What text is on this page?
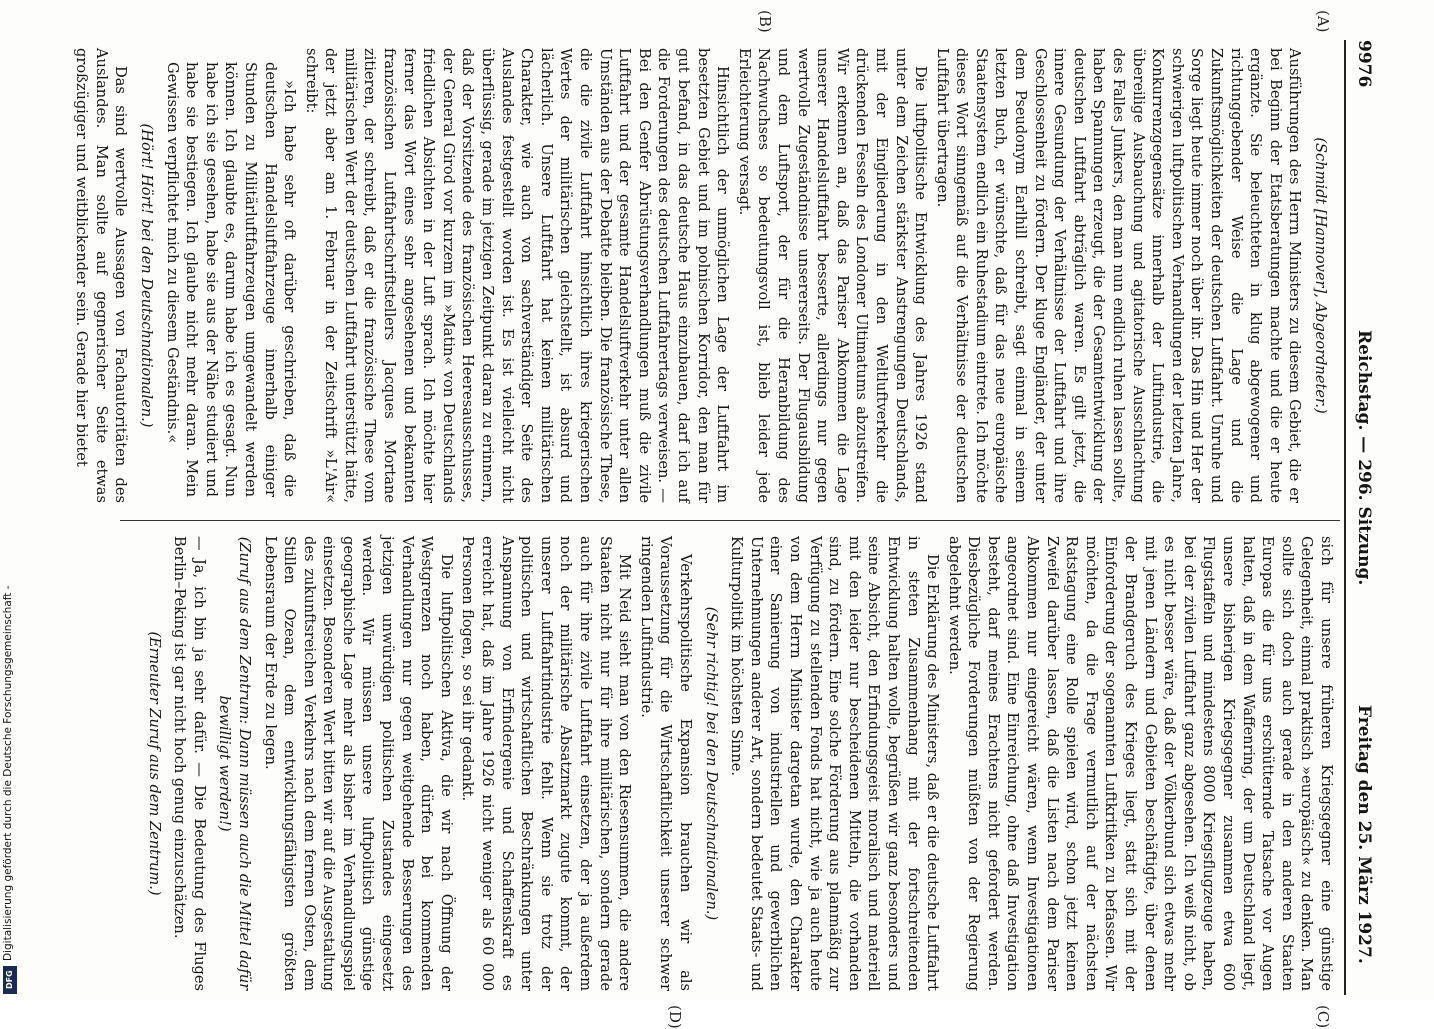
Digitalisierung gefördert durch die Deutsche Forschungsgemeinschaft -
DFG
9976
Reichstag. — 296. Sitzung.
Freitag den 25. März 1927.
(A)
(B)
(C)
(D)

(Schmidt [Hannover], Abgeordneter.)

Ausführungen des Herrn Ministers zu diesem Gebiet, die er bei Beginn der Etatsberatungen machte und die er heute ergänzte. Sie beleuchteten in klug abgewogener und richtunggebender Weise die Lage und die Zukunftsmöglichkeiten der deutschen Luftfahrt. Unruhe und Sorge liegt heute immer noch über ihr. Das Hin und Her der schwierigen luftpolitischen Verhandlungen der letzten Jahre, Konkurrenzgegensätze innerhalb der Luftindustrie, die übereilige Ausbauchung und agitatorische Ausschlachtung des Falles Junkers, den man nun endlich ruhen lassen sollte, haben Spannungen erzeugt, die der Gesamtentwicklung der deutschen Luftfahrt abträglich waren. Es gilt jetzt, die innere Gesundung der Verhältnisse der Luftfahrt und ihre Geschlossenheit zu fördern. Der kluge Engländer, der unter dem Pseudonym Earlhill schreibt, sagt einmal in seinem letzten Buch, er wünschte, daß für das neue europäische Staatensystem endlich ein Ruhestadium eintrete. Ich möchte dieses Wort sinngemäß auf die Verhältnisse der deutschen Luftfahrt übertragen.

Die luftpolitische Entwicklung des Jahres 1926 stand unter dem Zeichen stärkster Anstrengungen Deutschlands, mit der Eingliederung in den Weltluftverkehr die drückenden Fesseln des Londoner Ultimatums abzustreifen. Wir erkennen an, daß das Pariser Abkommen die Lage unserer Handelsluftfahrt besserte, allerdings nur gegen wertvolle Zugeständnisse unsererseits. Der Flugausbildung und dem Luftsport, der für die Heranbildung des Nachwuchses so bedeutungsvoll ist, blieb leider jede Erleichterung versagt.

Hinsichtlich der unmöglichen Lage der Luftfahrt im besetzten Gebiet und im polnischen Korridor, den man für gut befand, in das deutsche Haus einzubauen, darf ich auf die Forderungen des deutschen Luftfahrertags verweisen. — Bei den Genfer Abrüstungsverhandlungen muß die zivile Luftfahrt und der gesamte Handelsluftverkehr unter allen Umständen aus der Debatte bleiben. Die französische These, die die zivile Luftfahrt hinsichtlich ihres kriegerischen Wertes der militärischen gleichstellt, ist absurd und lächerlich. Unsere Luftfahrt hat keinen militärischen Charakter, wie auch von sachverständiger Seite des Auslandes festgestellt worden ist. Es ist vielleicht nicht überflüssig, gerade im jetzigen Zeitpunkt daran zu erinnern, daß der Vorsitzende des französischen Heeresausschusses, der General Girod vor kurzem im »Matin« von Deutschlands friedlichen Absichten in der Luft sprach. Ich möchte hier ferner das Wort eines sehr angesehenen und bekannten französischen Luftfahrtschriftstellers Jacques Mortane zitieren, der schreibt, daß er die französische These vom militärischen Wert der deutschen Luftfahrt unterstützt hätte, der jetzt aber am 1. Februar in der Zeitschrift »L'Air« schreibt:

»Ich habe sehr oft darüber geschrieben, daß die deutschen Handelsluftfahrzeuge innerhalb einiger Stunden zu Militärluftfahrzeugen umgewandelt werden können. Ich glaubte es, darum habe ich es gesagt. Nun habe ich sie gesehen, habe sie aus der Nähe studiert und habe sie bestiegen. Ich glaube nicht mehr daran. Mein Gewissen verpflichtet mich zu diesem Geständnis.«

(Hört! Hört! bei den Deutschnationalen.)

Das sind wertvolle Aussagen von Fachautoritäten des Auslandes. Man sollte auf gegnerischer Seite etwas großzügiger und weitblickender sein. Gerade hier bietet

sich für unsere früheren Kriegsgegner eine günstige Gelegenheit, einmal praktisch »europäisch« zu denken. Man sollte sich doch auch gerade in den anderen Staaten Europas die für uns erschütternde Tatsache vor Augen halten, daß in dem Waffenring, der um Deutschland liegt, unsere bisherigen Kriegsgegner zusammen etwa 600 Flugstaffeln und mindestens 8000 Kriegsflugzeuge haben, bei der zivilen Luftfahrt ganz abgesehen. Ich weiß nicht, ob es nicht besser wäre, daß der Völkerbund sich etwas mehr mit jenen Ländern und Gebieten beschäftigte, über denen der Brandgeruch des Krieges liegt, statt sich mit der Einforderung der sogenannten Luftkritiken zu befassen. Wir möchten, da die Frage vermutlich auf der nächsten Ratstagung eine Rolle spielen wird, schon jetzt keinen Zweifel darüber lassen, daß die Listen nach dem Pariser Abkommen nur eingereicht wären, wenn Investigationen angeordnet sind. Eine Einreichung, ohne daß Investigation besteht, darf meines Erachtens nicht gefordert werden. Diesbezügliche Forderungen müßten von der Regierung abgelehnt werden.

Die Erklärung des Ministers, daß er die deutsche Luftfahrt in steten Zusammenhang mit der fortschreitenden Entwicklung halten wolle, begrüßen wir ganz besonders und seine Absicht, den Erfindungsgeist moralisch und materiell mit den leider nur bescheidenen Mitteln, die vorhanden sind, zu fördern. Eine solche Förderung aus planmäßig zur Verfügung zu stellenden Fonds hat nicht, wie ja auch heute von dem Herrn Minister dargetan wurde, den Charakter einer Sanierung von industriellen und gewerblichen Unternehmungen anderer Art, sondern bedeutet Staats- und Kulturpolitik im höchsten Sinne.

(Sehr richtig! bei den Deutschnationalen.)

Verkehrspolitische Expansion brauchen wir als Voraussetzung für die Wirtschaftlichkeit unserer schwer ringenden Luftindustrie.

Mit Neid sieht man von den Riesensummen, die andere Staaten nicht nur für ihre militärischen, sondern gerade auch für ihre zivile Luftfahrt einsetzen, der ja außerdem noch der militärische Absatzmarkt zugute kommt, der unserer Luftfahrtindustrie fehlt. Wenn sie trotz der politischen und wirtschaftlichen Beschränkungen unter Anspannung von Erfindergenie und Schaffenskraft es erreicht hat, daß im Jahre 1926 nicht weniger als 60 000 Personen flogen, so sei ihr gedankt.

Die luftpolitischen Aktiva, die wir nach Öffnung der Westgrenzen noch haben, dürfen bei kommenden Verhandlungen nur gegen weitgehende Besserungen des jetzigen unwürdigen politischen Zustandes eingesetzt werden. Wir müssen unsere luftpolitisch günstige geographische Lage mehr als bisher im Verhandlungsspiel einsetzen. Besonderen Wert bitten wir auf die Ausgestaltung des zukunftsreichen Verkehrs nach dem fernen Osten, dem Stillen Ozean, dem entwicklungsfähigsten größten Lebensraum der Erde zu legen.

(Zuruf aus dem Zentrum: Dann müssen auch die Mittel dafür bewilligt werden!)

— Ja, ich bin ja sehr dafür. — Die Bedeutung des Fluges Berlin–Peking ist gar nicht hoch genug einzuschätzen.

(Erneuter Zuruf aus dem Zentrum.)
